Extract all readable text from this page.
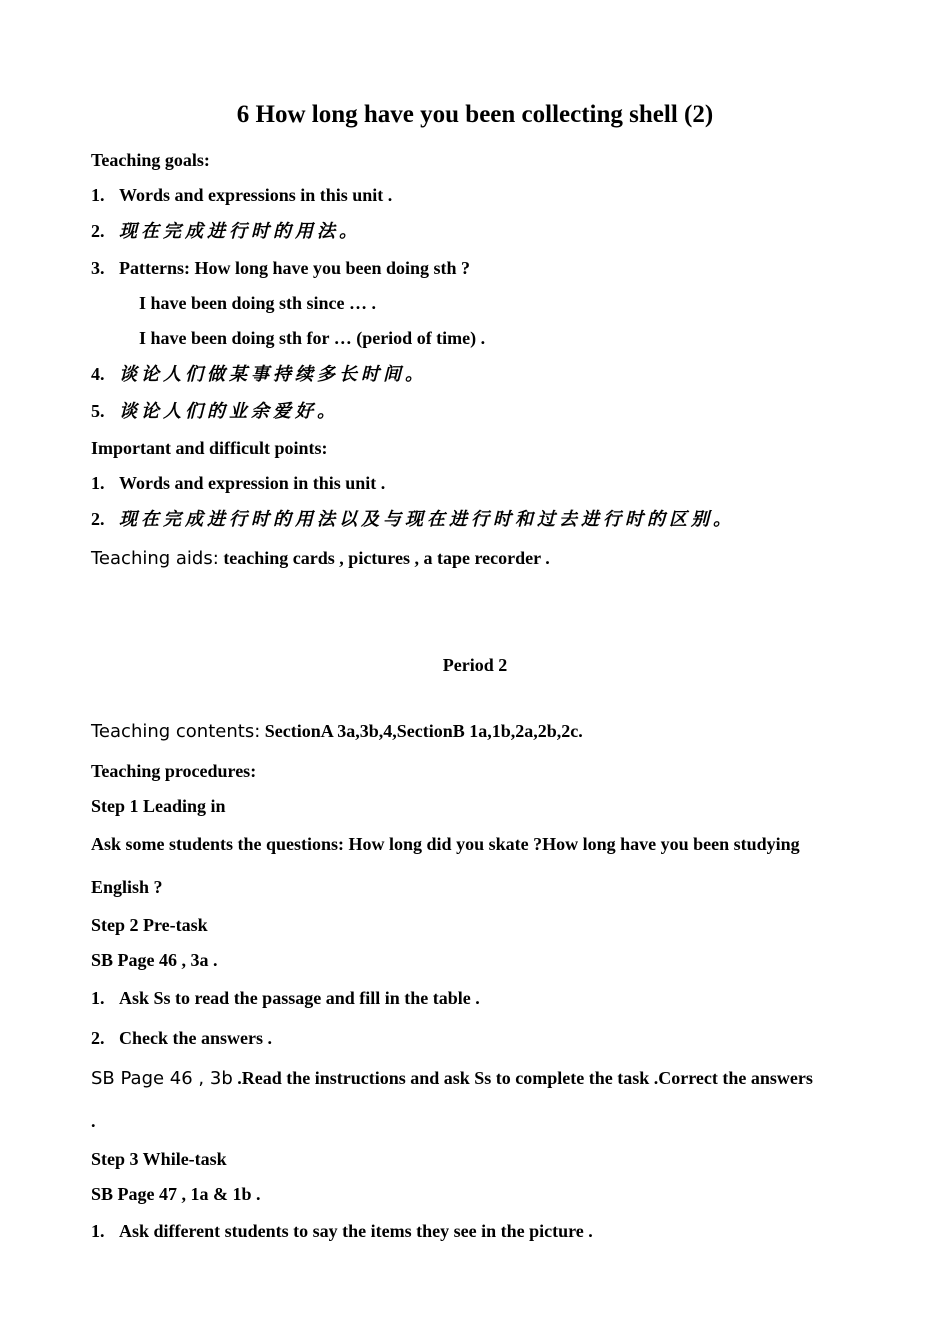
6 How long have you been collecting shell (2)
Teaching goals:
1. Words and expressions in this unit .
2. 现在完成进行时的用法。
3. Patterns: How long have you been doing sth ?
I have been doing sth since … .
I have been doing sth for … (period of time) .
4. 谈论人们做某事持续多长时间。
5. 谈论人们的业余爱好。
Important and difficult points:
1. Words and expression in this unit .
2. 现在完成进行时的用法以及与现在进行时和过去进行时的区别。
Teaching aids: teaching cards , pictures , a tape recorder .
Period 2
Teaching contents: SectionA 3a,3b,4,SectionB 1a,1b,2a,2b,2c.
Teaching procedures:
Step 1 Leading in
Ask some students the questions: How long did you skate ?How long have you been studying
English ?
Step 2 Pre-task
SB Page 46 , 3a .
1. Ask Ss to read the passage and fill in the table .
2. Check the answers .
SB Page 46 , 3b .Read the instructions and ask Ss to complete the task .Correct the answers
.
Step 3 While-task
SB Page 47 , 1a & 1b .
1. Ask different students to say the items they see in the picture .
